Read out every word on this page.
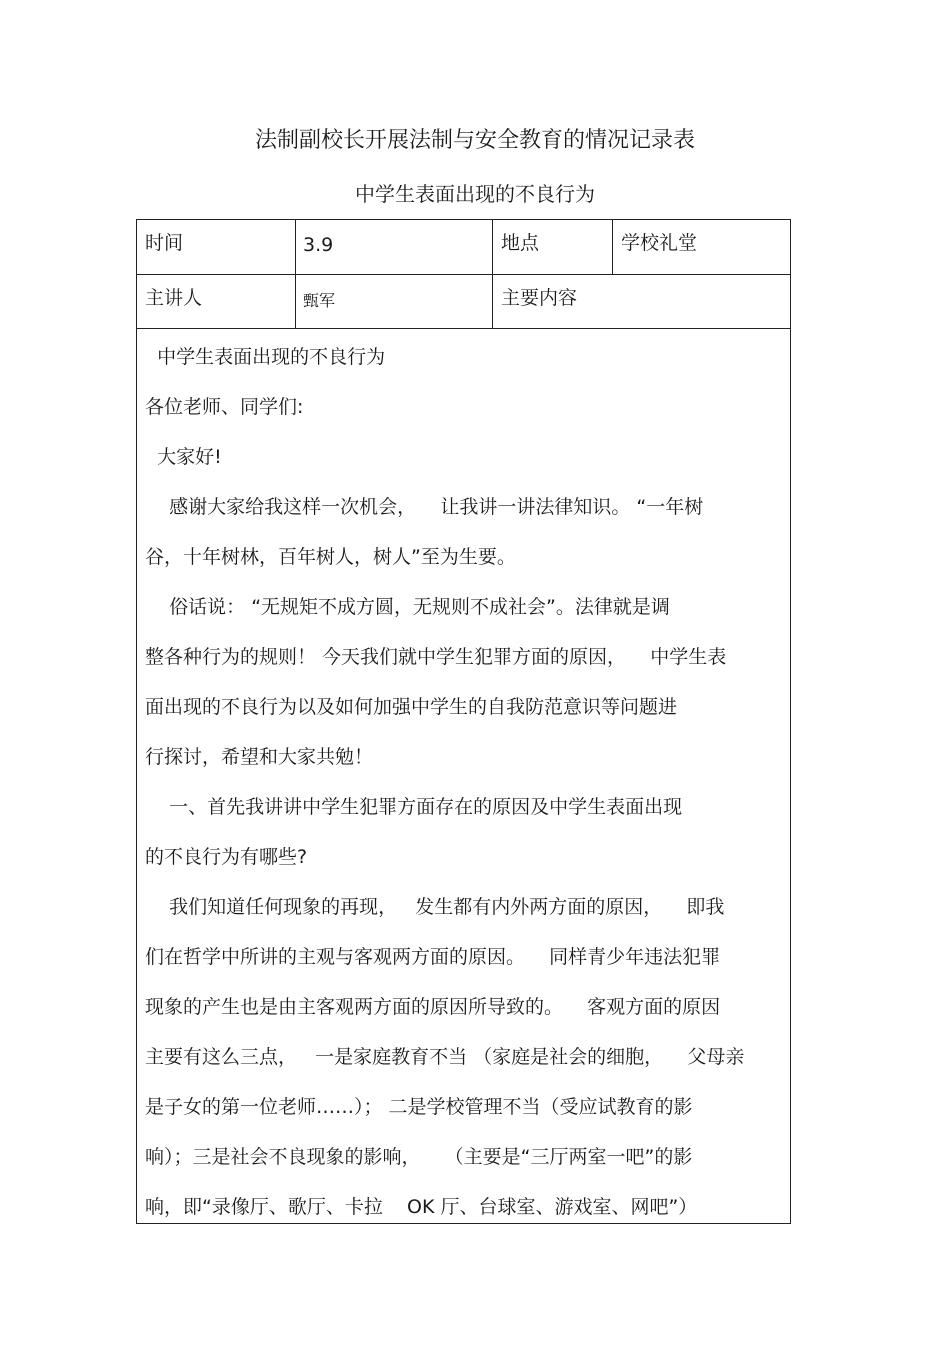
法制副校长开展法制与安全教育的情况记录表
中学生表面出现的不良行为
时间	3.9	地点	学校礼堂
主讲人	甄军	主要内容
中学生表面出现的不良行为
各位老师、同学们:
大家好!
感谢大家给我这样一次机会，    让我讲一讲法律知识。 “一年树
谷，十年树林，百年树人，树人”至为生要。
俗话说： “无规矩不成方圆，无规则不成社会”。法律就是调
整各种行为的规则！ 今天我们就中学生犯罪方面的原因，    中学生表
面出现的不良行为以及如何加强中学生的自我防范意识等问题进
行探讨，希望和大家共勉！
一、首先我讲讲中学生犯罪方面存在的原因及中学生表面出现
的不良行为有哪些?
我们知道任何现象的再现，   发生都有内外两方面的原因，    即我
们在哲学中所讲的主观与客观两方面的原因。    同样青少年违法犯罪
现象的产生也是由主客观两方面的原因所导致的。    客观方面的原因
主要有这么三点，   一是家庭教育不当 （家庭是社会的细胞，    父母亲
是子女的第一位老师……）； 二是学校管理不当（受应试教育的影
响）；三是社会不良现象的影响，    （主要是“三厅两室一吧”的影
响，即“录像厅、歌厅、卡拉    OK 厅、台球室、游戏室、网吧”）
